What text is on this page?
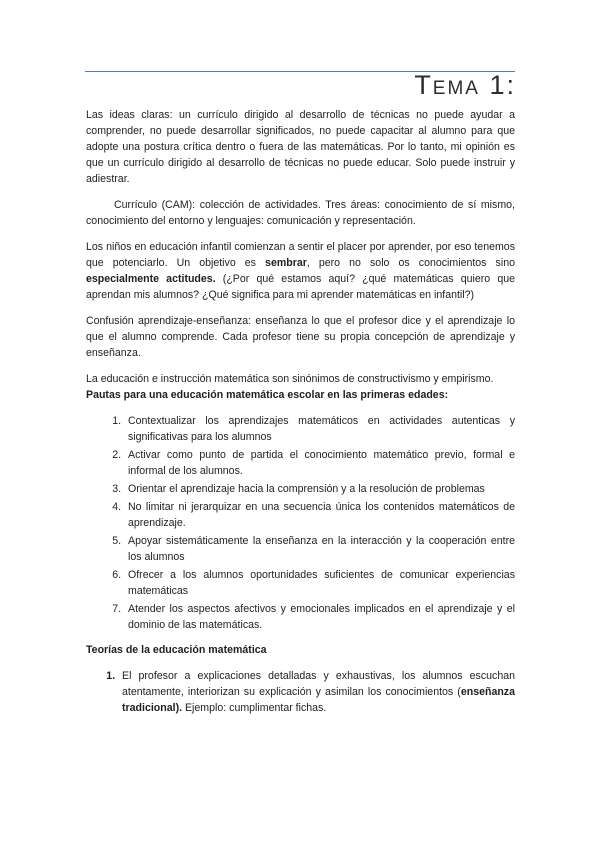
Tema 1:

Las ideas claras: un currículo dirigido al desarrollo de técnicas no puede ayudar a comprender, no puede desarrollar significados, no puede capacitar al alumno para que adopte una postura crítica dentro o fuera de las matemáticas. Por lo tanto, mi opinión es que un currículo dirigido al desarrollo de técnicas no puede educar. Solo puede instruir y adiestrar.

Currículo (CAM): colección de actividades. Tres áreas: conocimiento de sí mismo, conocimiento del entorno y lenguajes: comunicación y representación.

Los niños en educación infantil comienzan a sentir el placer por aprender, por eso tenemos que potenciarlo. Un objetivo es sembrar, pero no solo os conocimientos sino especialmente actitudes. (¿Por qué estamos aquí? ¿qué matemáticas quiero que aprendan mis alumnos? ¿Qué significa para mi aprender matemáticas en infantil?)

Confusión aprendizaje-enseñanza: enseñanza lo que el profesor dice y el aprendizaje lo que el alumno comprende. Cada profesor tiene su propia concepción de aprendizaje y enseñanza.

La educación e instrucción matemática son sinónimos de constructivismo y empirismo.

Pautas para una educación matemática escolar en las primeras edades:
1. Contextualizar los aprendizajes matemáticos en actividades autenticas y significativas para los alumnos
2. Activar como punto de partida el conocimiento matemático previo, formal e informal de los alumnos.
3. Orientar el aprendizaje hacia la comprensión y a la resolución de problemas
4. No limitar ni jerarquizar en una secuencia única los contenidos matemáticos de aprendizaje.
5. Apoyar sistemáticamente la enseñanza en la interacción y la cooperación entre los alumnos
6. Ofrecer a los alumnos oportunidades suficientes de comunicar experiencias matemáticas
7. Atender los aspectos afectivos y emocionales implicados en el aprendizaje y el dominio de las matemáticas.
Teorías de la educación matemática
1. El profesor a explicaciones detalladas y exhaustivas, los alumnos escuchan atentamente, interiorizan su explicación y asimilan los conocimientos (enseñanza tradicional). Ejemplo: cumplimentar fichas.
